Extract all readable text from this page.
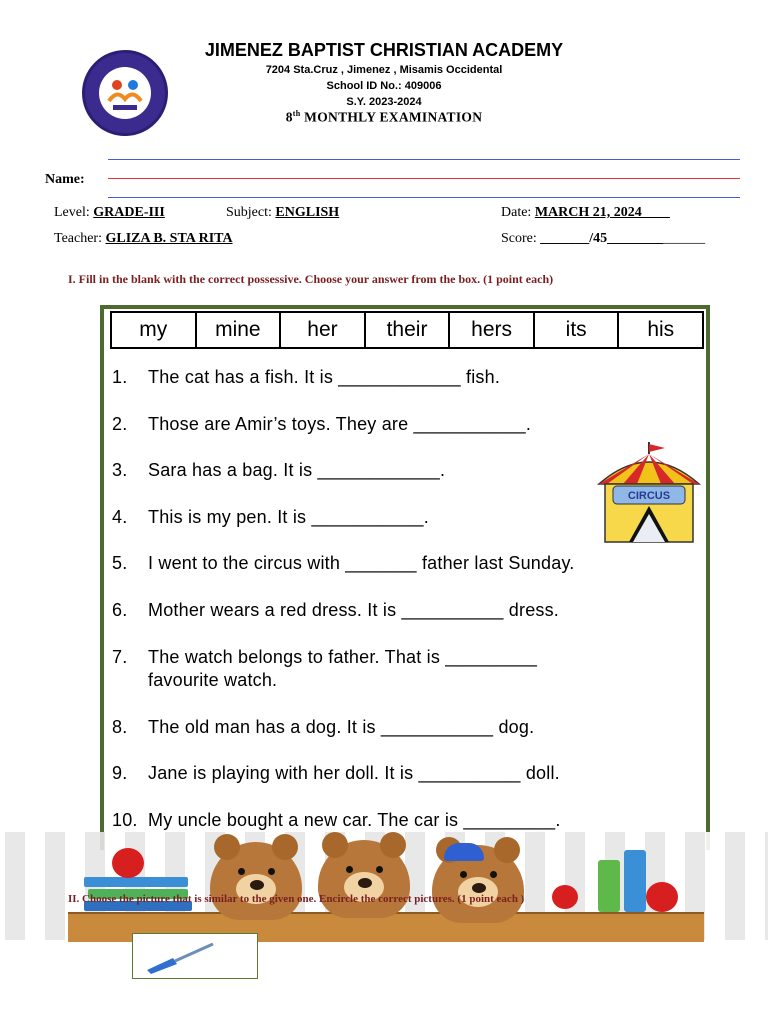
JIMENEZ BAPTIST CHRISTIAN ACADEMY
7204 Sta.Cruz , Jimenez , Misamis Occidental
School ID No.: 409006
S.Y. 2023-2024
8th MONTHLY EXAMINATION
Name:
Level: GRADE-III	Subject: ENGLISH	Date: MARCH 21, 2024____
Teacher: GLIZA B. STA RITA	Score: _______/45______________
I. Fill in the blank with the correct possessive. Choose your answer from the box. (1 point each)
my	mine	her	their	hers	its	his
1. The cat has a fish. It is ____________ fish.
2. Those are Amir’s toys. They are ___________.
3. Sara has a bag. It is ____________.
4. This is my pen. It is ___________.
5. I went to the circus with _______ father last Sunday.
6. Mother wears a red dress. It is __________ dress.
7. The watch belongs to father. That is _________
favourite watch.
8. The old man has a dog. It is ___________ dog.
9. Jane is playing with her doll. It is __________ doll.
10. My uncle bought a new car. The car is _________.
CIRCUS
II. Choose the picture that is similar to the given one. Encircle the correct pictures. (1 point each )
